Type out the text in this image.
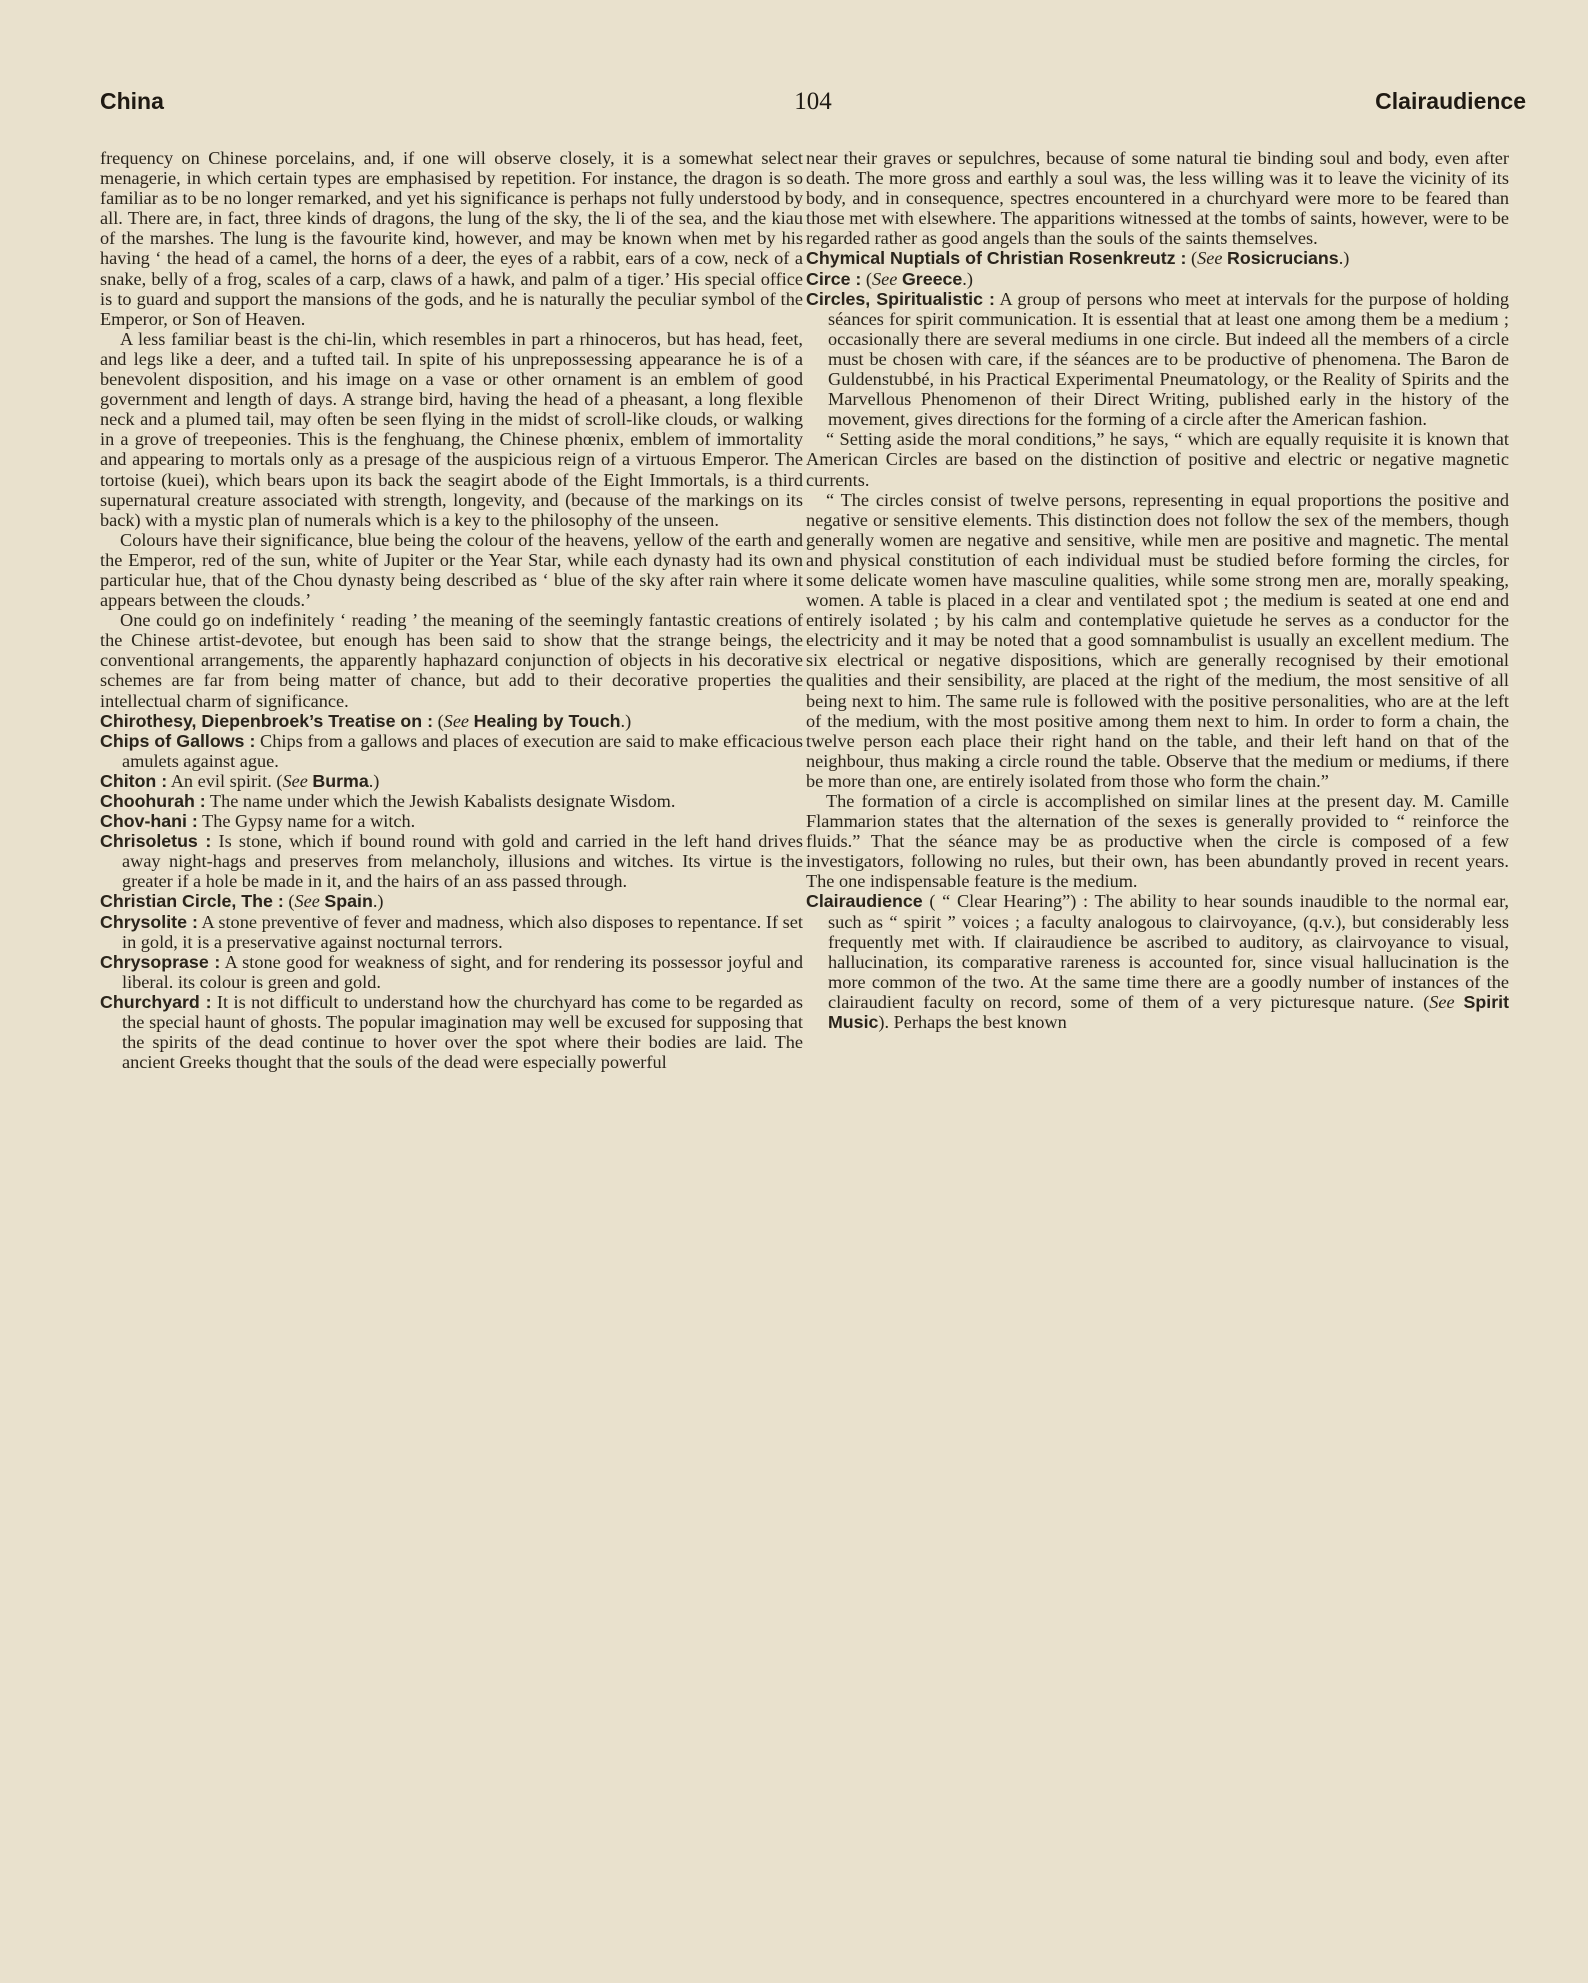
China	104	Clairaudience

frequency on Chinese porcelains, and, if one will observe closely, it is a somewhat select menagerie, in which certain types are emphasised by repetition. For instance, the dragon is so familiar as to be no longer remarked, and yet his significance is perhaps not fully understood by all. There are, in fact, three kinds of dragons, the lung of the sky, the li of the sea, and the kiau of the marshes. The lung is the favourite kind, however, and may be known when met by his having ‘ the head of a camel, the horns of a deer, the eyes of a rabbit, ears of a cow, neck of a snake, belly of a frog, scales of a carp, claws of a hawk, and palm of a tiger.’ His special office is to guard and support the mansions of the gods, and he is naturally the peculiar symbol of the Emperor, or Son of Heaven.

A less familiar beast is the chi-lin, which resembles in part a rhinoceros, but has head, feet, and legs like a deer, and a tufted tail. In spite of his unprepossessing appearance he is of a benevolent disposition, and his image on a vase or other ornament is an emblem of good government and length of days. A strange bird, having the head of a pheasant, a long flexible neck and a plumed tail, may often be seen flying in the midst of scroll-like clouds, or walking in a grove of treepeonies. This is the fenghuang, the Chinese phœnix, emblem of immortality and appearing to mortals only as a presage of the auspicious reign of a virtuous Emperor. The tortoise (kuei), which bears upon its back the seagirt abode of the Eight Immortals, is a third supernatural creature associated with strength, longevity, and (because of the markings on its back) with a mystic plan of numerals which is a key to the philosophy of the unseen.

Colours have their significance, blue being the colour of the heavens, yellow of the earth and the Emperor, red of the sun, white of Jupiter or the Year Star, while each dynasty had its own particular hue, that of the Chou dynasty being described as ‘ blue of the sky after rain where it appears between the clouds.’

One could go on indefinitely ‘ reading ’ the meaning of the seemingly fantastic creations of the Chinese artist-devotee, but enough has been said to show that the strange beings, the conventional arrangements, the apparently haphazard conjunction of objects in his decorative schemes are far from being matter of chance, but add to their decorative properties the intellectual charm of significance.

Chirothesy, Diepenbroek’s Treatise on : (See Healing by Touch.)

Chips of Gallows : Chips from a gallows and places of execution are said to make efficacious amulets against ague.

Chiton : An evil spirit. (See Burma.)

Choohurah : The name under which the Jewish Kabalists designate Wisdom.

Chov-hani : The Gypsy name for a witch.

Chrisoletus : Is stone, which if bound round with gold and carried in the left hand drives away night-hags and preserves from melancholy, illusions and witches. Its virtue is the greater if a hole be made in it, and the hairs of an ass passed through.

Christian Circle, The : (See Spain.)

Chrysolite : A stone preventive of fever and madness, which also disposes to repentance. If set in gold, it is a preservative against nocturnal terrors.

Chrysoprase : A stone good for weakness of sight, and for rendering its possessor joyful and liberal. its colour is green and gold.

Churchyard : It is not difficult to understand how the churchyard has come to be regarded as the special haunt of ghosts. The popular imagination may well be excused for supposing that the spirits of the dead continue to hover over the spot where their bodies are laid. The ancient Greeks thought that the souls of the dead were especially powerful

near their graves or sepulchres, because of some natural tie binding soul and body, even after death. The more gross and earthly a soul was, the less willing was it to leave the vicinity of its body, and in consequence, spectres encountered in a churchyard were more to be feared than those met with elsewhere. The apparitions witnessed at the tombs of saints, however, were to be regarded rather as good angels than the souls of the saints themselves.

Chymical Nuptials of Christian Rosenkreutz : (See Rosicrucians.)

Circe : (See Greece.)

Circles, Spiritualistic : A group of persons who meet at intervals for the purpose of holding séances for spirit communication. It is essential that at least one among them be a medium ; occasionally there are several mediums in one circle. But indeed all the members of a circle must be chosen with care, if the séances are to be productive of phenomena. The Baron de Guldenstubbé, in his Practical Experimental Pneumatology, or the Reality of Spirits and the Marvellous Phenomenon of their Direct Writing, published early in the history of the movement, gives directions for the forming of a circle after the American fashion.

“ Setting aside the moral conditions,” he says, “ which are equally requisite it is known that American Circles are based on the distinction of positive and electric or negative magnetic currents.

“ The circles consist of twelve persons, representing in equal proportions the positive and negative or sensitive elements. This distinction does not follow the sex of the members, though generally women are negative and sensitive, while men are positive and magnetic. The mental and physical constitution of each individual must be studied before forming the circles, for some delicate women have masculine qualities, while some strong men are, morally speaking, women. A table is placed in a clear and ventilated spot ; the medium is seated at one end and entirely isolated ; by his calm and contemplative quietude he serves as a conductor for the electricity and it may be noted that a good somnambulist is usually an excellent medium. The six electrical or negative dispositions, which are generally recognised by their emotional qualities and their sensibility, are placed at the right of the medium, the most sensitive of all being next to him. The same rule is followed with the positive personalities, who are at the left of the medium, with the most positive among them next to him. In order to form a chain, the twelve person each place their right hand on the table, and their left hand on that of the neighbour, thus making a circle round the table. Observe that the medium or mediums, if there be more than one, are entirely isolated from those who form the chain.”

The formation of a circle is accomplished on similar lines at the present day. M. Camille Flammarion states that the alternation of the sexes is generally provided to “ reinforce the fluids.” That the séance may be as productive when the circle is composed of a few investigators, following no rules, but their own, has been abundantly proved in recent years. The one indispensable feature is the medium.

Clairaudience ( “ Clear Hearing”) : The ability to hear sounds inaudible to the normal ear, such as “ spirit ” voices ; a faculty analogous to clairvoyance, (q.v.), but considerably less frequently met with. If clairaudience be ascribed to auditory, as clairvoyance to visual, hallucination, its comparative rareness is accounted for, since visual hallucination is the more common of the two. At the same time there are a goodly number of instances of the clairaudient faculty on record, some of them of a very picturesque nature. (See Spirit Music). Perhaps the best known
